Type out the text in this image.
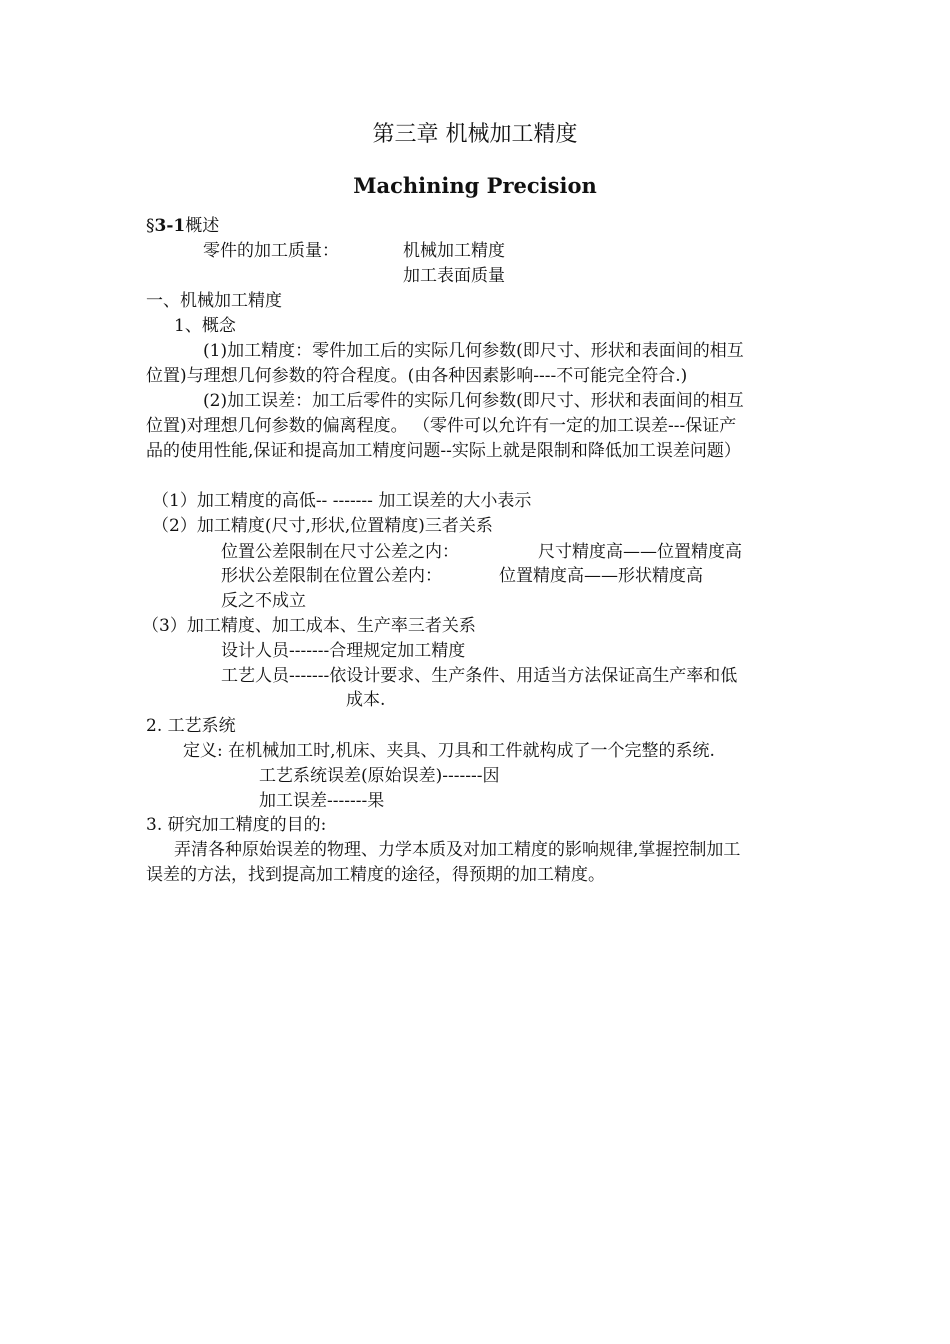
第三章 机械加工精度
Machining Precision
§3-1概述
零件的加工质量：	机械加工精度
加工表面质量
一、机械加工精度
1、概念
(1)加工精度：零件加工后的实际几何参数(即尺寸、形状和表面间的相互
位置)与理想几何参数的符合程度。(由各种因素影响----不可能完全符合.)
(2)加工误差：加工后零件的实际几何参数(即尺寸、形状和表面间的相互
位置)对理想几何参数的偏离程度。 （零件可以允许有一定的加工误差---保证产
品的使用性能,保证和提高加工精度问题--实际上就是限制和降低加工误差问题）
（1）加工精度的高低-- ------- 加工误差的大小表示
（2）加工精度(尺寸,形状,位置精度)三者关系
位置公差限制在尺寸公差之内：	尺寸精度高——位置精度高
形状公差限制在位置公差内：	位置精度高——形状精度高
反之不成立
（3）加工精度、加工成本、生产率三者关系
设计人员-------合理规定加工精度
工艺人员-------依设计要求、生产条件、用适当方法保证高生产率和低
成本.
2. 工艺系统
定义: 在机械加工时,机床、夹具、刀具和工件就构成了一个完整的系统.
工艺系统误差(原始误差)-------因
加工误差-------果
3. 研究加工精度的目的:
弄清各种原始误差的物理、力学本质及对加工精度的影响规律,掌握控制加工
误差的方法，找到提高加工精度的途径，得预期的加工精度。
